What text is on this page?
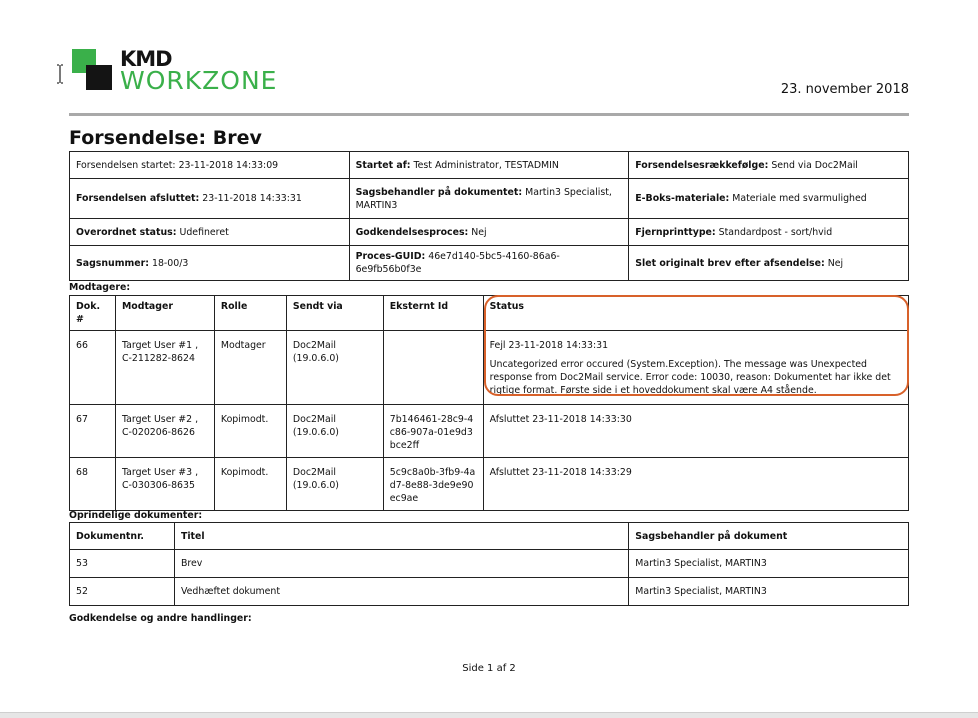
KMD
WORKZONE	23. november 2018
Forsendelse: Brev
Forsendelsen startet: 23-11-2018 14:33:09	Startet af: Test Administrator, TESTADMIN	Forsendelsesrækkefølge: Send via Doc2Mail
Forsendelsen afsluttet: 23-11-2018 14:33:31	Sagsbehandler på dokumentet: Martin3 Specialist, MARTIN3	E-Boks-materiale: Materiale med svarmulighed
Overordnet status: Udefineret	Godkendelsesproces: Nej	Fjernprinttype: Standardpost - sort/hvid
Sagsnummer: 18-00/3	Proces-GUID: 46e7d140-5bc5-4160-86a6-6e9fb56b0f3e	Slet originalt brev efter afsendelse: Nej
Modtagere:
Dok. #	Modtager	Rolle	Sendt via	Eksternt Id	Status
66	Target User #1 , C-211282-8624	Modtager	Doc2Mail (19.0.6.0)		Fejl 23-11-2018 14:33:31
Uncategorized error occured (System.Exception). The message was Unexpected response from Doc2Mail service. Error code: 10030, reason: Dokumentet har ikke det rigtige format. Første side i et hoveddokument skal være A4 stående.

67	Target User #2 , C-020206-8626	Kopimodt.	Doc2Mail (19.0.6.0)	7b146461-28c9-4c86-907a-01e9d3bce2ff	Afsluttet 23-11-2018 14:33:30
68	Target User #3 , C-030306-8635	Kopimodt.	Doc2Mail (19.0.6.0)	5c9c8a0b-3fb9-4ad7-8e88-3de9e90ec9ae	Afsluttet 23-11-2018 14:33:29
Oprindelige dokumenter:
Dokumentnr.	Titel	Sagsbehandler på dokument
53	Brev	Martin3 Specialist, MARTIN3
52	Vedhæftet dokument	Martin3 Specialist, MARTIN3
Godkendelse og andre handlinger:
Side 1 af 2
